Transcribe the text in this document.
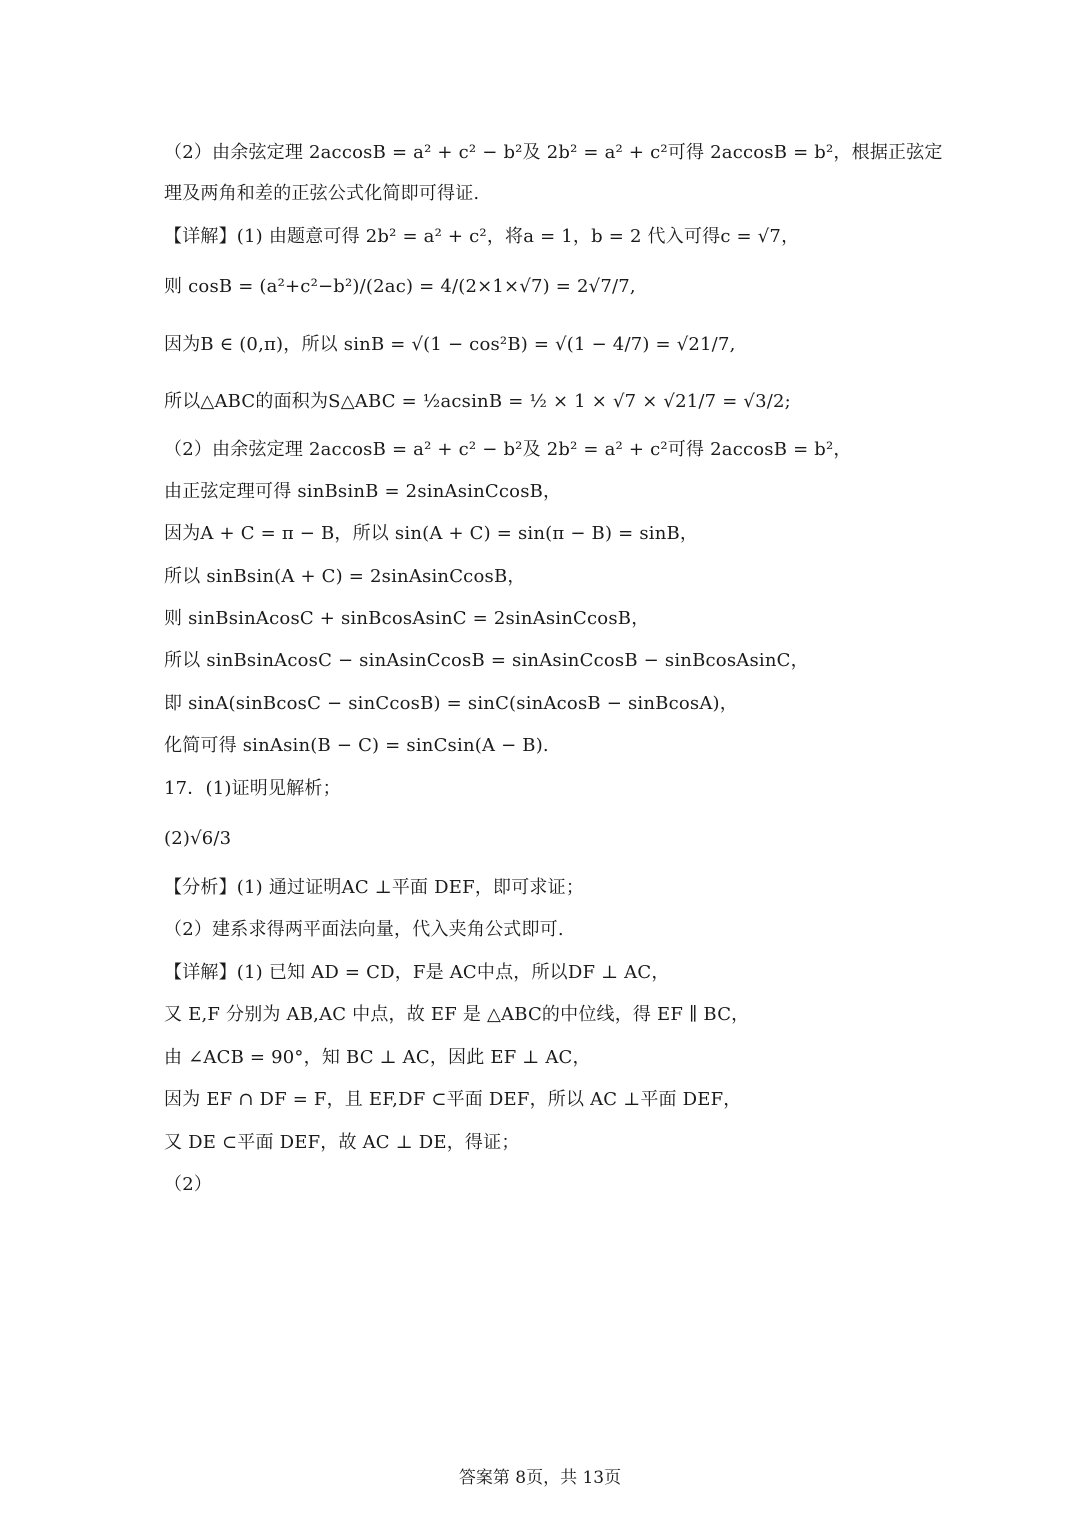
（2）由余弦定理 2accosB = a² + c² − b²及 2b² = a² + c²可得 2accosB = b²，根据正弦定
理及两角和差的正弦公式化简即可得证.
【详解】(1) 由题意可得 2b² = a² + c²，将a = 1，b = 2 代入可得c = √7，
则 cosB = (a²+c²−b²)/(2ac) = 4/(2×1×√7) = 2√7/7,
因为B ∈ (0,π)，所以 sinB = √(1 − cos²B) = √(1 − 4/7) = √21/7,
所以△ABC的面积为S△ABC = ½acsinB = ½ × 1 × √7 × √21/7 = √3/2;
（2）由余弦定理 2accosB = a² + c² − b²及 2b² = a² + c²可得 2accosB = b²，
由正弦定理可得 sinBsinB = 2sinAsinCcosB，
因为A + C = π − B，所以 sin(A + C) = sin(π − B) = sinB，
所以 sinBsin(A + C) = 2sinAsinCcosB，
则 sinBsinAcosC + sinBcosAsinC = 2sinAsinCcosB，
所以 sinBsinAcosC − sinAsinCcosB = sinAsinCcosB − sinBcosAsinC，
即 sinA(sinBcosC − sinCcosB) = sinC(sinAcosB − sinBcosA)，
化简可得 sinAsin(B − C) = sinCsin(A − B).
17．(1)证明见解析；
(2)√6/3
【分析】(1) 通过证明AC ⊥平面 DEF，即可求证；
（2）建系求得两平面法向量，代入夹角公式即可.
【详解】(1) 已知 AD = CD，F是 AC中点，所以DF ⊥ AC，
又 E,F 分别为 AB,AC 中点，故 EF 是 △ABC的中位线，得 EF ∥ BC，
由 ∠ACB = 90°，知 BC ⊥ AC，因此 EF ⊥ AC，
因为 EF ∩ DF = F，且 EF,DF ⊂平面 DEF，所以 AC ⊥平面 DEF，
又 DE ⊂平面 DEF，故 AC ⊥ DE，得证；
（2）
答案第 8页，共 13页
